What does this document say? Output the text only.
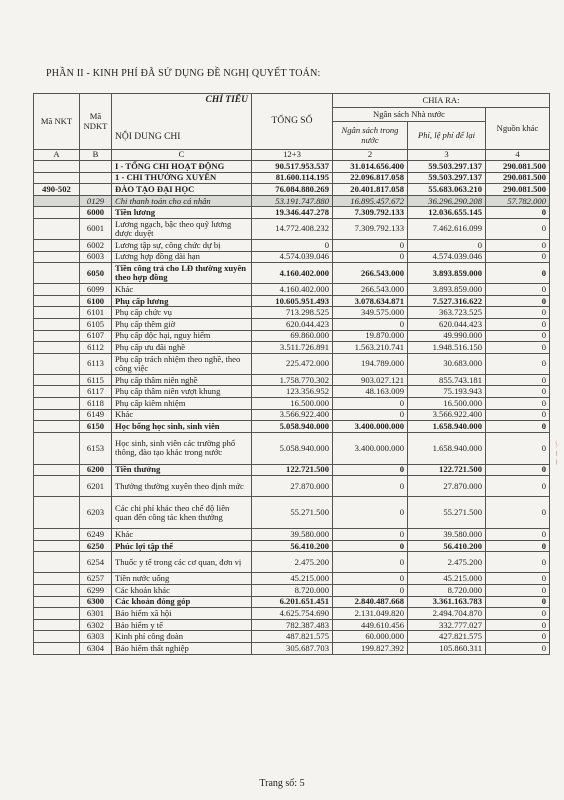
PHẦN II - KINH PHÍ ĐÃ SỬ DỤNG ĐỀ NGHỊ QUYẾT TOÁN:
Mã NKT	Mã NDKT	CHỈ TIÊU	TỔNG SỐ	CHIA RA:		
		NỘI DUNG CHI		Ngân sách Nhà nước		Nguồn khác
				Ngân sách trong nước	Phí, lệ phí để lại	
A	B	C	12+3	2	3	4
		I - TỔNG CHI HOẠT ĐỘNG	90.517.953.537	31.014.656.400	59.503.297.137	290.081.500
		1 - CHI THƯỜNG XUYÊN	81.600.114.195	22.096.817.058	59.503.297.137	290.081.500
490-502		ĐÀO TẠO ĐẠI HỌC	76.084.880.269	20.401.817.058	55.683.063.210	290.081.500
	0129	Chi thanh toán cho cá nhân	53.191.747.880	16.895.457.672	36.296.290.208	57.782.000
	6000	Tiền lương	19.346.447.278	7.309.792.133	12.036.655.145	0
	6001	Lương ngạch, bậc theo quỹ lương được duyệt	14.772.408.232	7.309.792.133	7.462.616.099	0
	6002	Lương tập sự, công chức dự bị	0	0	0	0
	6003	Lương hợp đồng dài hạn	4.574.039.046	0	4.574.039.046	0
	6050	Tiền công trả cho LĐ thường xuyên theo hợp đồng	4.160.402.000	266.543.000	3.893.859.000	0
	6099	Khác	4.160.402.000	266.543.000	3.893.859.000	0
	6100	Phụ cấp lương	10.605.951.493	3.078.634.871	7.527.316.622	0
	6101	Phụ cấp chức vụ	713.298.525	349.575.000	363.723.525	0
	6105	Phụ cấp thêm giờ	620.044.423	0	620.044.423	0
	6107	Phụ cấp độc hại, nguy hiểm	69.860.000	19.870.000	49.990.000	0
	6112	Phụ cấp ưu đãi nghề	3.511.726.891	1.563.210.741	1.948.516.150	0
	6113	Phụ cấp trách nhiệm theo nghề, theo công việc	225.472.000	194.789.000	30.683.000	0
	6115	Phụ cấp thâm niên nghề	1.758.770.302	903.027.121	855.743.181	0
	6117	Phụ cấp thâm niên vượt khung	123.356.952	48.163.009	75.193.943	0
	6118	Phụ cấp kiêm nhiệm	16.500.000	0	16.500.000	0
	6149	Khác	3.566.922.400	0	3.566.922.400	0
	6150	Học bổng học sinh, sinh viên	5.058.940.000	3.400.000.000	1.658.940.000	0
	6153	Học sinh, sinh viên các trường phổ thông, đào tạo khác trong nước	5.058.940.000	3.400.000.000	1.658.940.000	0
	6200	Tiền thưởng	122.721.500	0	122.721.500	0
	6201	Thưởng thường xuyên theo định mức	27.870.000	0	27.870.000	0
	6203	Các chi phí khác theo chế độ liên quan đến công tác khen thưởng	55.271.500	0	55.271.500	0
	6249	Khác	39.580.000	0	39.580.000	0
	6250	Phúc lợi tập thể	56.410.200	0	56.410.200	0
	6254	Thuốc y tế trong các cơ quan, đơn vị	2.475.200	0	2.475.200	0
	6257	Tiền nước uống	45.215.000	0	45.215.000	0
	6299	Các khoản khác	8.720.000	0	8.720.000	0
	6300	Các khoản đóng góp	6.201.651.451	2.840.487.668	3.361.163.783	0
	6301	Bảo hiểm xã hội	4.625.754.690	2.131.049.820	2.494.704.870	0
	6302	Bảo hiểm y tế	782.387.483	449.610.456	332.777.027	0
	6303	Kinh phí công đoàn	487.821.575	60.000.000	427.821.575	0
	6304	Bảo hiểm thất nghiệp	305.687.703	199.827.392	105.860.311	0
〜 ∽ ∼
Trang số: 5
